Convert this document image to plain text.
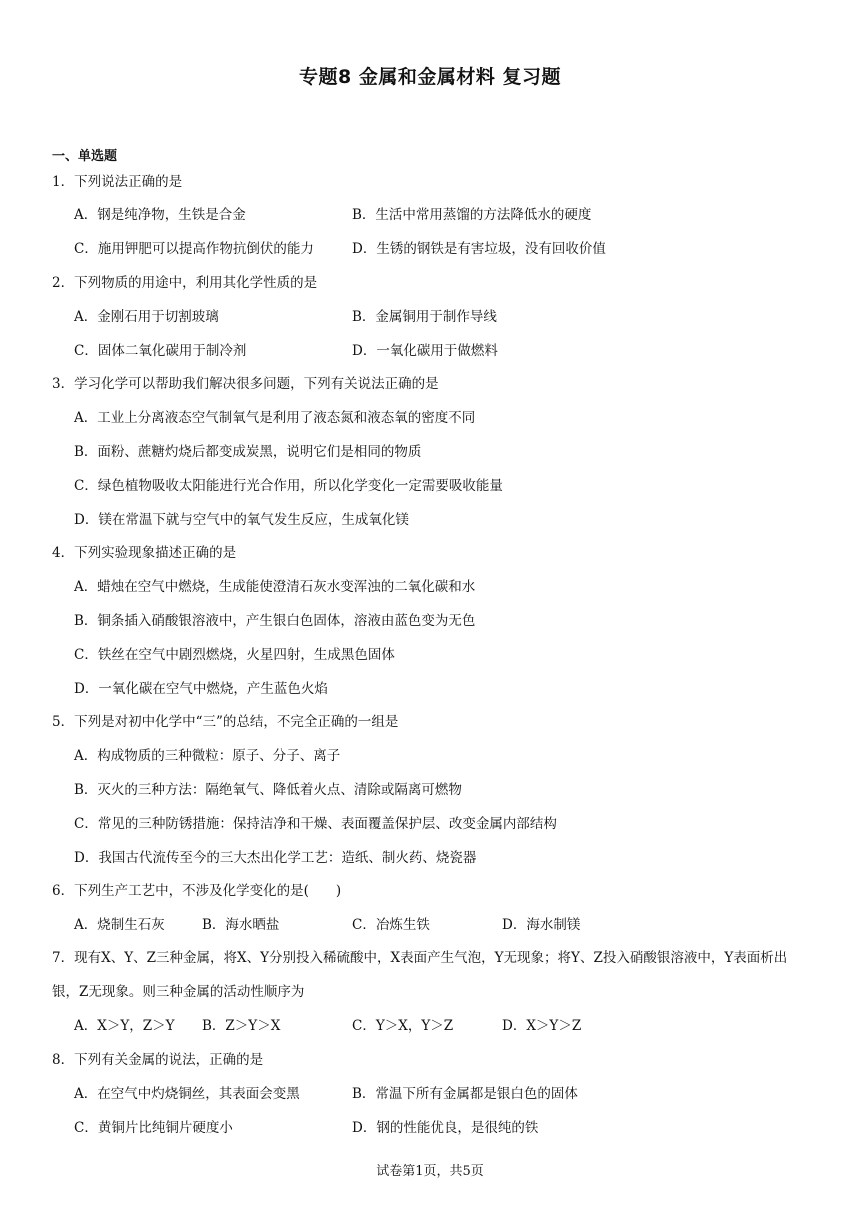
专题8 金属和金属材料 复习题
一、单选题
1．下列说法正确的是
A．钢是纯净物，生铁是合金	B．生活中常用蒸馏的方法降低水的硬度
C．施用钾肥可以提高作物抗倒伏的能力	D．生锈的钢铁是有害垃圾，没有回收价值
2．下列物质的用途中，利用其化学性质的是
A．金刚石用于切割玻璃	B．金属铜用于制作导线
C．固体二氧化碳用于制冷剂	D．一氧化碳用于做燃料
3．学习化学可以帮助我们解决很多问题，下列有关说法正确的是
A．工业上分离液态空气制氧气是利用了液态氮和液态氧的密度不同
B．面粉、蔗糖灼烧后都变成炭黑，说明它们是相同的物质
C．绿色植物吸收太阳能进行光合作用，所以化学变化一定需要吸收能量
D．镁在常温下就与空气中的氧气发生反应，生成氧化镁
4．下列实验现象描述正确的是
A．蜡烛在空气中燃烧，生成能使澄清石灰水变浑浊的二氧化碳和水
B．铜条插入硝酸银溶液中，产生银白色固体，溶液由蓝色变为无色
C．铁丝在空气中剧烈燃烧，火星四射，生成黑色固体
D．一氧化碳在空气中燃烧，产生蓝色火焰
5．下列是对初中化学中“三”的总结，不完全正确的一组是
A．构成物质的三种微粒：原子、分子、离子
B．灭火的三种方法：隔绝氧气、降低着火点、清除或隔离可燃物
C．常见的三种防锈措施：保持洁净和干燥、表面覆盖保护层、改变金属内部结构
D．我国古代流传至今的三大杰出化学工艺：造纸、制火药、烧瓷器
6．下列生产工艺中，不涉及化学变化的是(　　)
A．烧制生石灰	B．海水晒盐	C．冶炼生铁	D．海水制镁
7．现有X、Y、Z三种金属，将X、Y分别投入稀硫酸中，X表面产生气泡，Y无现象；将Y、Z投入硝酸银溶液中，Y表面析出银，Z无现象。则三种金属的活动性顺序为
A．X＞Y，Z＞Y B．Z＞Y＞X	C．Y＞X，Y＞Z	D．X＞Y＞Z
8．下列有关金属的说法，正确的是
A．在空气中灼烧铜丝，其表面会变黑	B．常温下所有金属都是银白色的固体
C．黄铜片比纯铜片硬度小	D．钢的性能优良，是很纯的铁
试卷第1页，共5页
